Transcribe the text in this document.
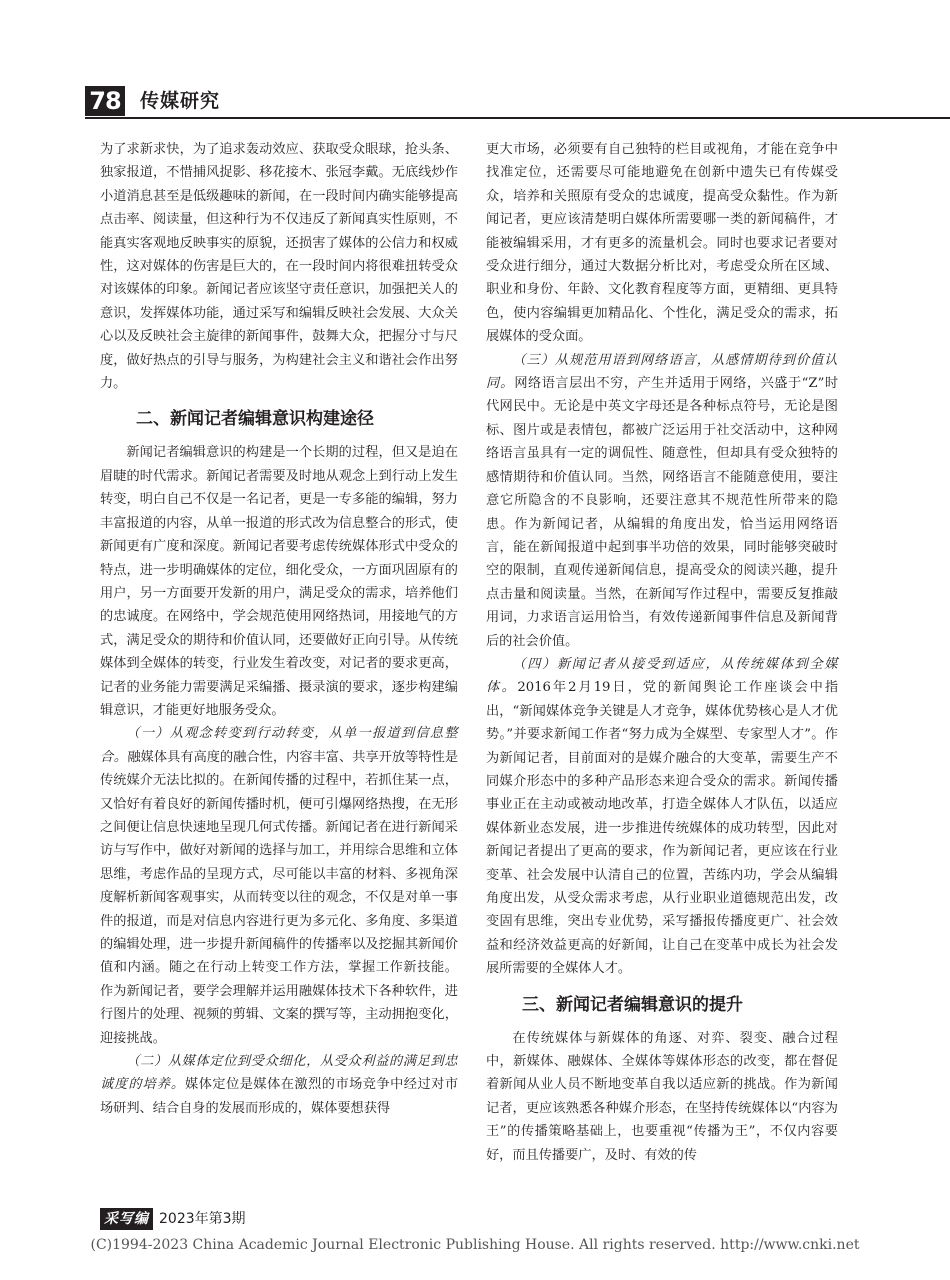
78 传媒研究

为了求新求快，为了追求轰动效应、获取受众眼球，抢头条、独家报道，不惜捕风捉影、移花接木、张冠李戴。无底线炒作小道消息甚至是低级趣味的新闻，在一段时间内确实能够提高点击率、阅读量，但这种行为不仅违反了新闻真实性原则，不能真实客观地反映事实的原貌，还损害了媒体的公信力和权威性，这对媒体的伤害是巨大的，在一段时间内将很难扭转受众对该媒体的印象。新闻记者应该坚守责任意识，加强把关人的意识，发挥媒体功能，通过采写和编辑反映社会发展、大众关心以及反映社会主旋律的新闻事件，鼓舞大众，把握分寸与尺度，做好热点的引导与服务，为构建社会主义和谐社会作出努力。

二、新闻记者编辑意识构建途径

新闻记者编辑意识的构建是一个长期的过程，但又是迫在眉睫的时代需求。新闻记者需要及时地从观念上到行动上发生转变，明白自己不仅是一名记者，更是一专多能的编辑，努力丰富报道的内容，从单一报道的形式改为信息整合的形式，使新闻更有广度和深度。新闻记者要考虑传统媒体形式中受众的特点，进一步明确媒体的定位，细化受众，一方面巩固原有的用户，另一方面要开发新的用户，满足受众的需求，培养他们的忠诚度。在网络中，学会规范使用网络热词，用接地气的方式，满足受众的期待和价值认同，还要做好正向引导。从传统媒体到全媒体的转变，行业发生着改变，对记者的要求更高，记者的业务能力需要满足采编播、摄录演的要求，逐步构建编辑意识，才能更好地服务受众。

（一）从观念转变到行动转变，从单一报道到信息整合。融媒体具有高度的融合性，内容丰富、共享开放等特性是传统媒介无法比拟的。在新闻传播的过程中，若抓住某一点，又恰好有着良好的新闻传播时机，便可引爆网络热搜，在无形之间便让信息快速地呈现几何式传播。新闻记者在进行新闻采访与写作中，做好对新闻的选择与加工，并用综合思维和立体思维，考虑作品的呈现方式，尽可能以丰富的材料、多视角深度解析新闻客观事实，从而转变以往的观念，不仅是对单一事件的报道，而是对信息内容进行更为多元化、多角度、多渠道的编辑处理，进一步提升新闻稿件的传播率以及挖掘其新闻价值和内涵。随之在行动上转变工作方法，掌握工作新技能。 作为新闻记者，要学会理解并运用融媒体技术下各种软件，进行图片的处理、视频的剪辑、文案的撰写等，主动拥抱变化，迎接挑战。

（二）从媒体定位到受众细化，从受众利益的满足到忠诚度的培养。媒体定位是媒体在激烈的市场竞争中经过对市场研判、结合自身的发展而形成的，媒体要想获得

更大市场，必须要有自己独特的栏目或视角，才能在竞争中找准定位，还需要尽可能地避免在创新中遗失已有传媒受众，培养和关照原有受众的忠诚度，提高受众黏性。作为新闻记者，更应该清楚明白媒体所需要哪一类的新闻稿件，才能被编辑采用，才有更多的流量机会。同时也要求记者要对受众进行细分，通过大数据分析比对，考虑受众所在区域、职业和身份、年龄、文化教育程度等方面，更精细、更具特色，使内容编辑更加精品化、个性化，满足受众的需求，拓展媒体的受众面。

（三）从规范用语到网络语言，从感情期待到价值认同。网络语言层出不穷，产生并适用于网络，兴盛于“Z”时代网民中。无论是中英文字母还是各种标点符号，无论是图标、图片或是表情包，都被广泛运用于社交活动中，这种网络语言虽具有一定的调侃性、随意性，但却具有受众独特的感情期待和价值认同。当然，网络语言不能随意使用，要注意它所隐含的不良影响，还要注意其不规范性所带来的隐患。作为新闻记者，从编辑的角度出发，恰当运用网络语言，能在新闻报道中起到事半功倍的效果，同时能够突破时空的限制，直观传递新闻信息，提高受众的阅读兴趣，提升点击量和阅读量。当然，在新闻写作过程中，需要反复推敲用词，力求语言运用恰当，有效传递新闻事件信息及新闻背后的社会价值。

（四）新闻记者从接受到适应，从传统媒体到全媒体。2016年2月19日，党的新闻舆论工作座谈会中指出，“新闻媒体竞争关键是人才竞争，媒体优势核心是人才优势。”并要求新闻工作者“努力成为全媒型、专家型人才”。作为新闻记者，目前面对的是媒介融合的大变革，需要生产不同媒介形态中的多种产品形态来迎合受众的需求。新闻传播事业正在主动或被动地改革，打造全媒体人才队伍，以适应媒体新业态发展，进一步推进传统媒体的成功转型，因此对新闻记者提出了更高的要求，作为新闻记者，更应该在行业变革、社会发展中认清自己的位置，苦练内功，学会从编辑角度出发，从受众需求考虑，从行业职业道德规范出发，改变固有思维，突出专业优势，采写播报传播度更广、社会效益和经济效益更高的好新闻，让自己在变革中成长为社会发展所需要的全媒体人才。

三、新闻记者编辑意识的提升

在传统媒体与新媒体的角逐、对弈、裂变、融合过程中，新媒体、融媒体、全媒体等媒体形态的改变，都在督促着新闻从业人员不断地变革自我以适应新的挑战。作为新闻记者，更应该熟悉各种媒介形态，在坚持传统媒体以“内容为王”的传播策略基础上，也要重视“传播为王”，不仅内容要好，而且传播要广，及时、有效的传

采写编 2023年第3期
(C)1994-2023 China Academic Journal Electronic Publishing House. All rights reserved. http://www.cnki.net
